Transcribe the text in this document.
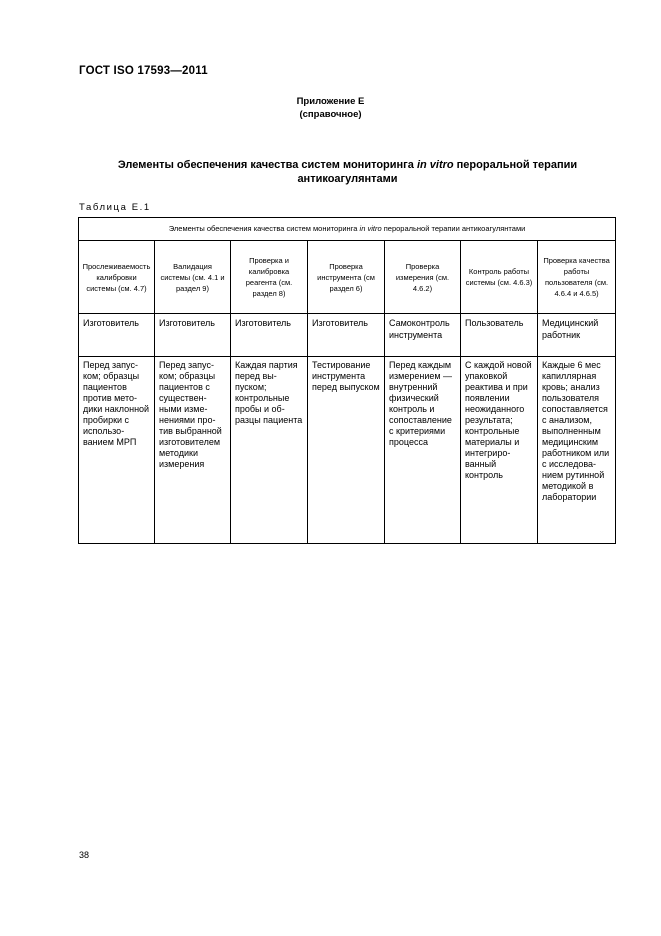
ГОСТ ISO 17593—2011
Приложение Е
(справочное)
Элементы обеспечения качества систем мониторинга in vitro пероральной терапии антикоагулянтами
Таблица Е.1
Элементы обеспечения качества систем мониторинга in vitro пероральной терапии антикоагулянтами						
Прослеживаемость калибровки системы (см. 4.7)	Валидация системы (см. 4.1 и раздел 9)	Проверка и калибровка реагента (см. раздел 8)	Проверка инструмента (см раздел 6)	Проверка измерения (см. 4.6.2)	Контроль работы системы (см. 4.6.3)	Проверка качества работы пользователя (см. 4.6.4 и 4.6.5)
Изготовитель	Изготовитель	Изготовитель	Изготовитель	Самоконтроль инструмента	Пользователь	Медицинский работник
Перед запуском; образцы пациентов против методики наклонной пробирки с использованием МРП	Перед запуском; образцы пациентов с существенными изменениями против выбранной изготовителем методики измерения	Каждая партия перед выпуском; контрольные пробы и образцы пациента	Тестирование инструмента перед выпуском	Перед каждым измерением — внутренний физический контроль и сопоставление с критериями процесса	С каждой новой упаковкой реактива и при появлении неожиданного результата; контрольные материалы и интегрированный контроль	Каждые 6 мес капиллярная кровь; анализ пользователя сопоставляется с анализом, выполненным медицинским работником или с исследованием рутинной методикой в лаборатории
38
